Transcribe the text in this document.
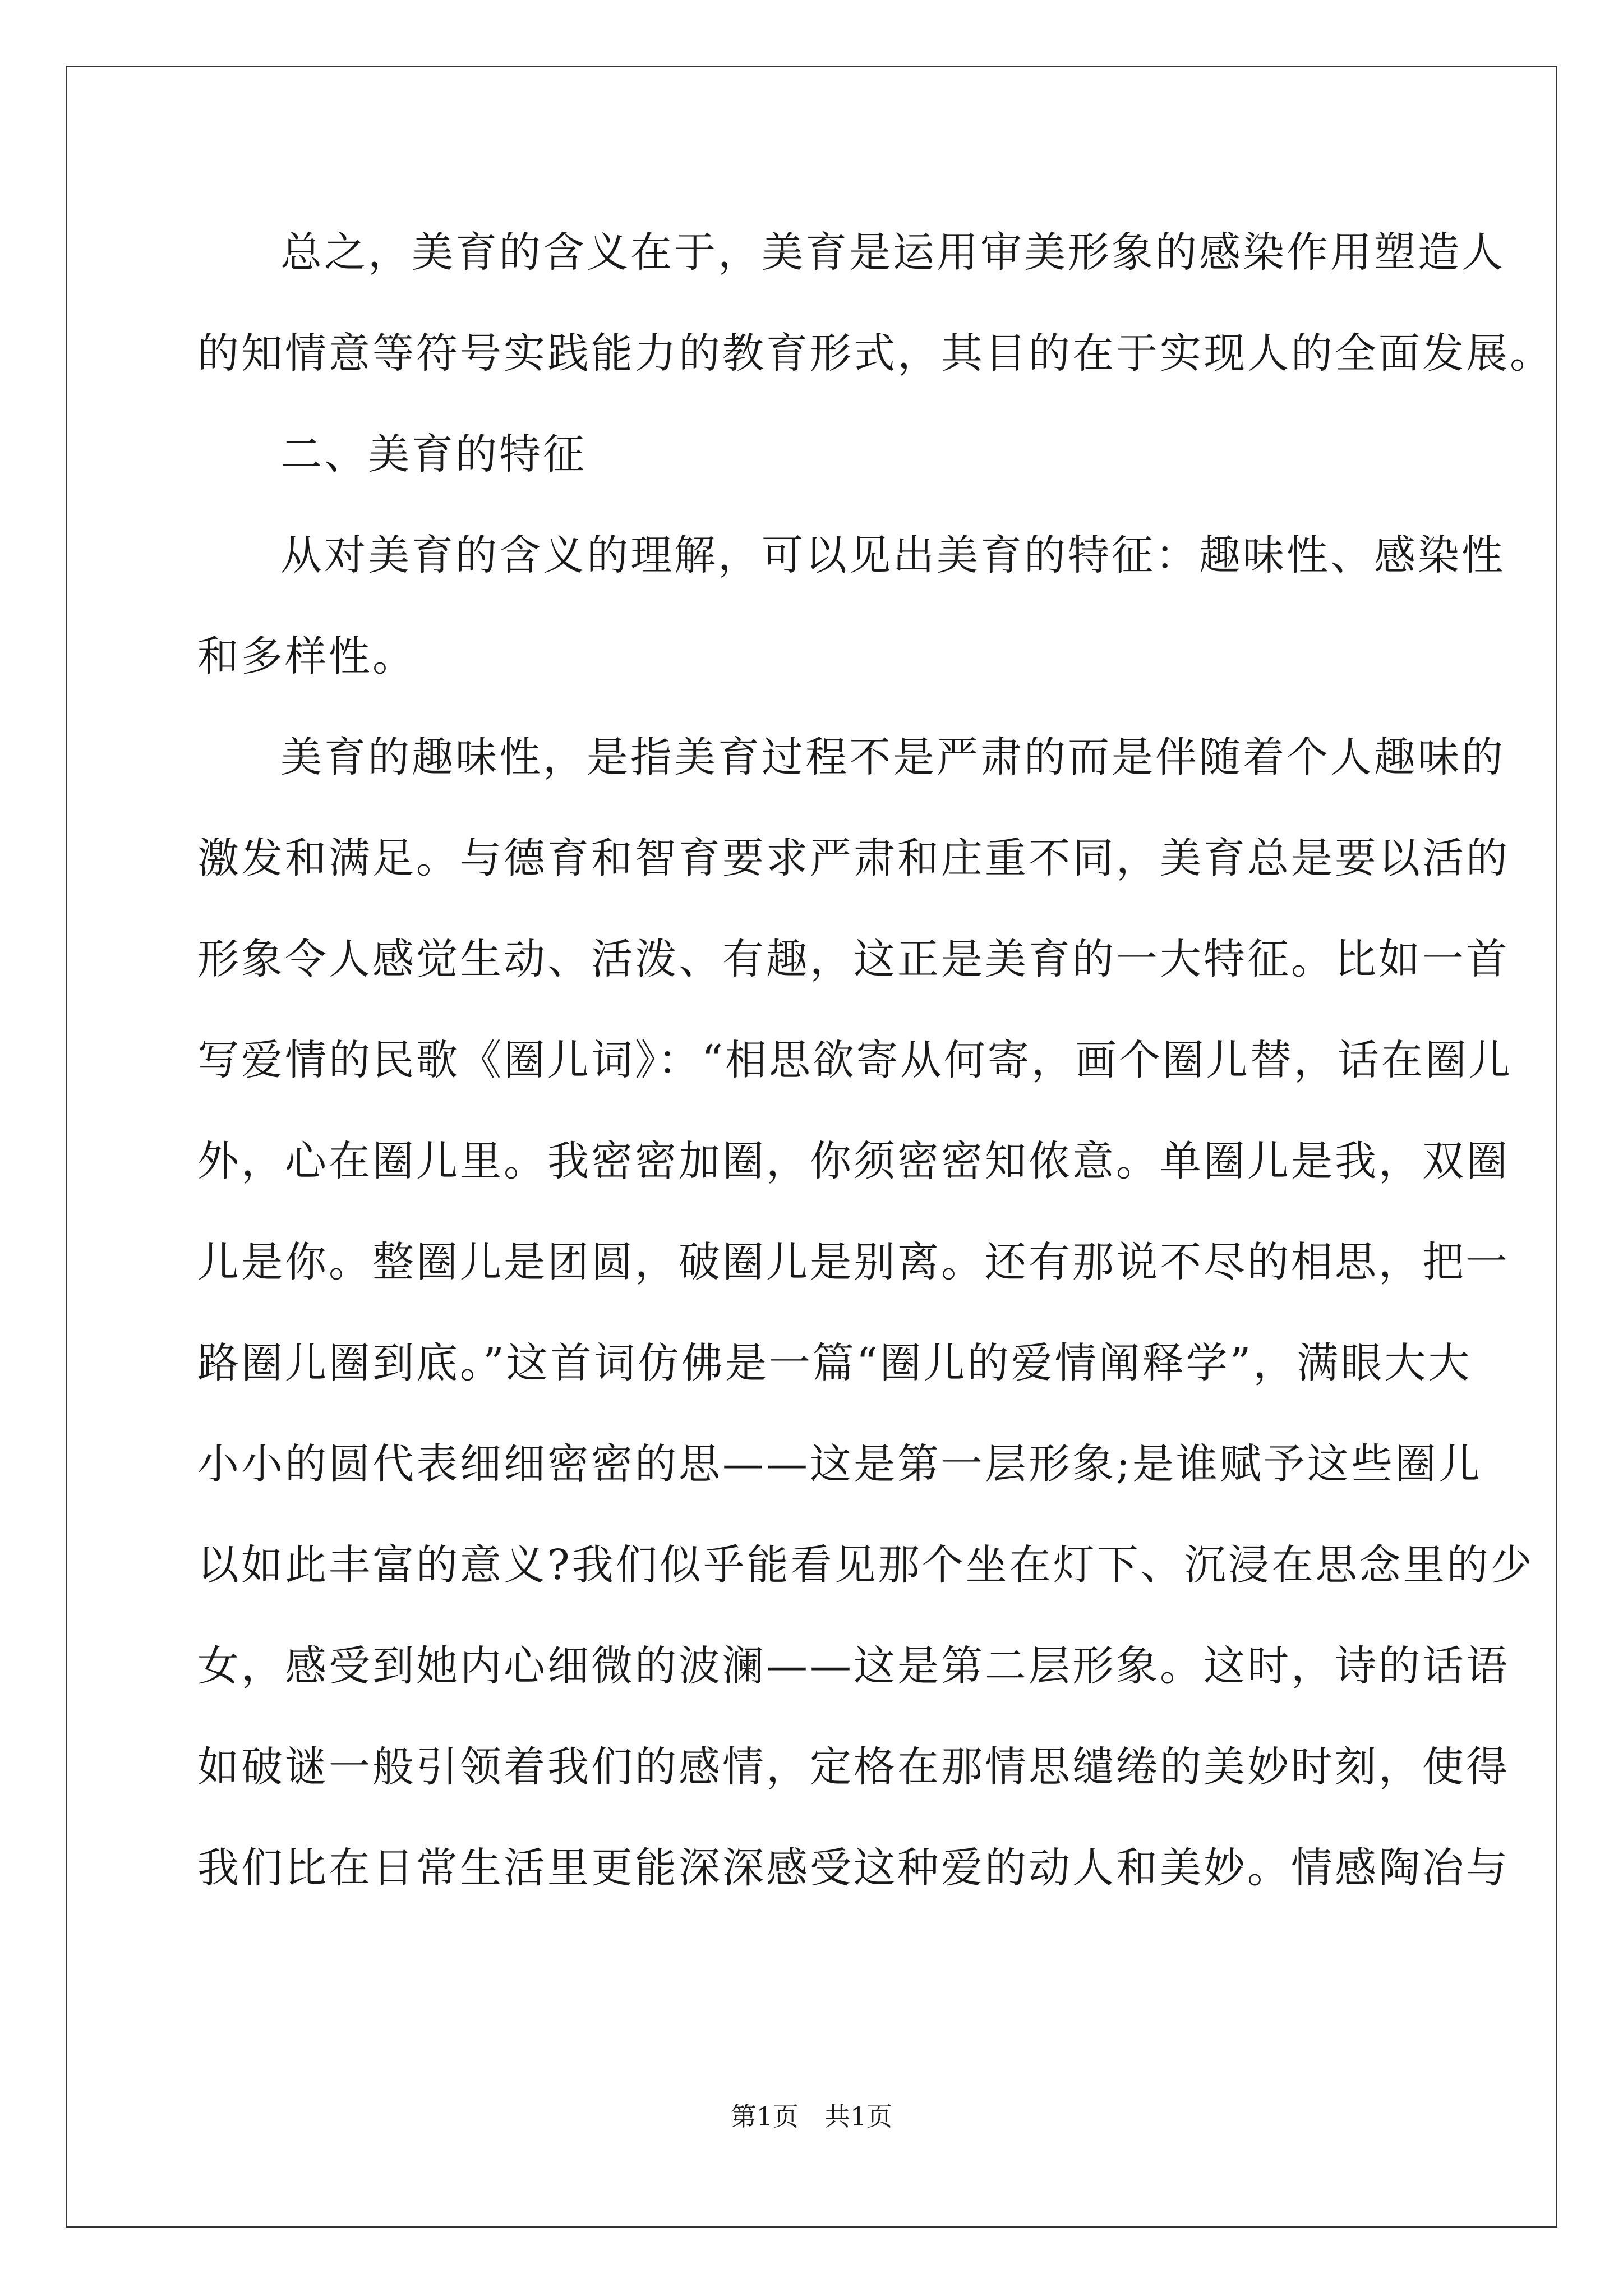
总之，美育的含义在于，美育是运用审美形象的感染作用塑造人
的知情意等符号实践能力的教育形式，其目的在于实现人的全面发展。
二、美育的特征
从对美育的含义的理解，可以见出美育的特征：趣味性、感染性
和多样性。
美育的趣味性，是指美育过程不是严肃的而是伴随着个人趣味的
激发和满足。与德育和智育要求严肃和庄重不同，美育总是要以活的
形象令人感觉生动、活泼、有趣，这正是美育的一大特征。比如一首
写爱情的民歌《圈儿词》：“相思欲寄从何寄，画个圈儿替，话在圈儿
外，心在圈儿里。我密密加圈，你须密密知侬意。单圈儿是我，双圈
儿是你。整圈儿是团圆，破圈儿是别离。还有那说不尽的相思，把一
路圈儿圈到底。”这首词仿佛是一篇“圈儿的爱情阐释学”，满眼大大
小小的圆代表细细密密的思——这是第一层形象;是谁赋予这些圈儿
以如此丰富的意义?我们似乎能看见那个坐在灯下、沉浸在思念里的少
女，感受到她内心细微的波澜——这是第二层形象。这时，诗的话语
如破谜一般引领着我们的感情，定格在那情思缱绻的美妙时刻，使得
我们比在日常生活里更能深深感受这种爱的动人和美妙。情感陶冶与
第1页　共1页
